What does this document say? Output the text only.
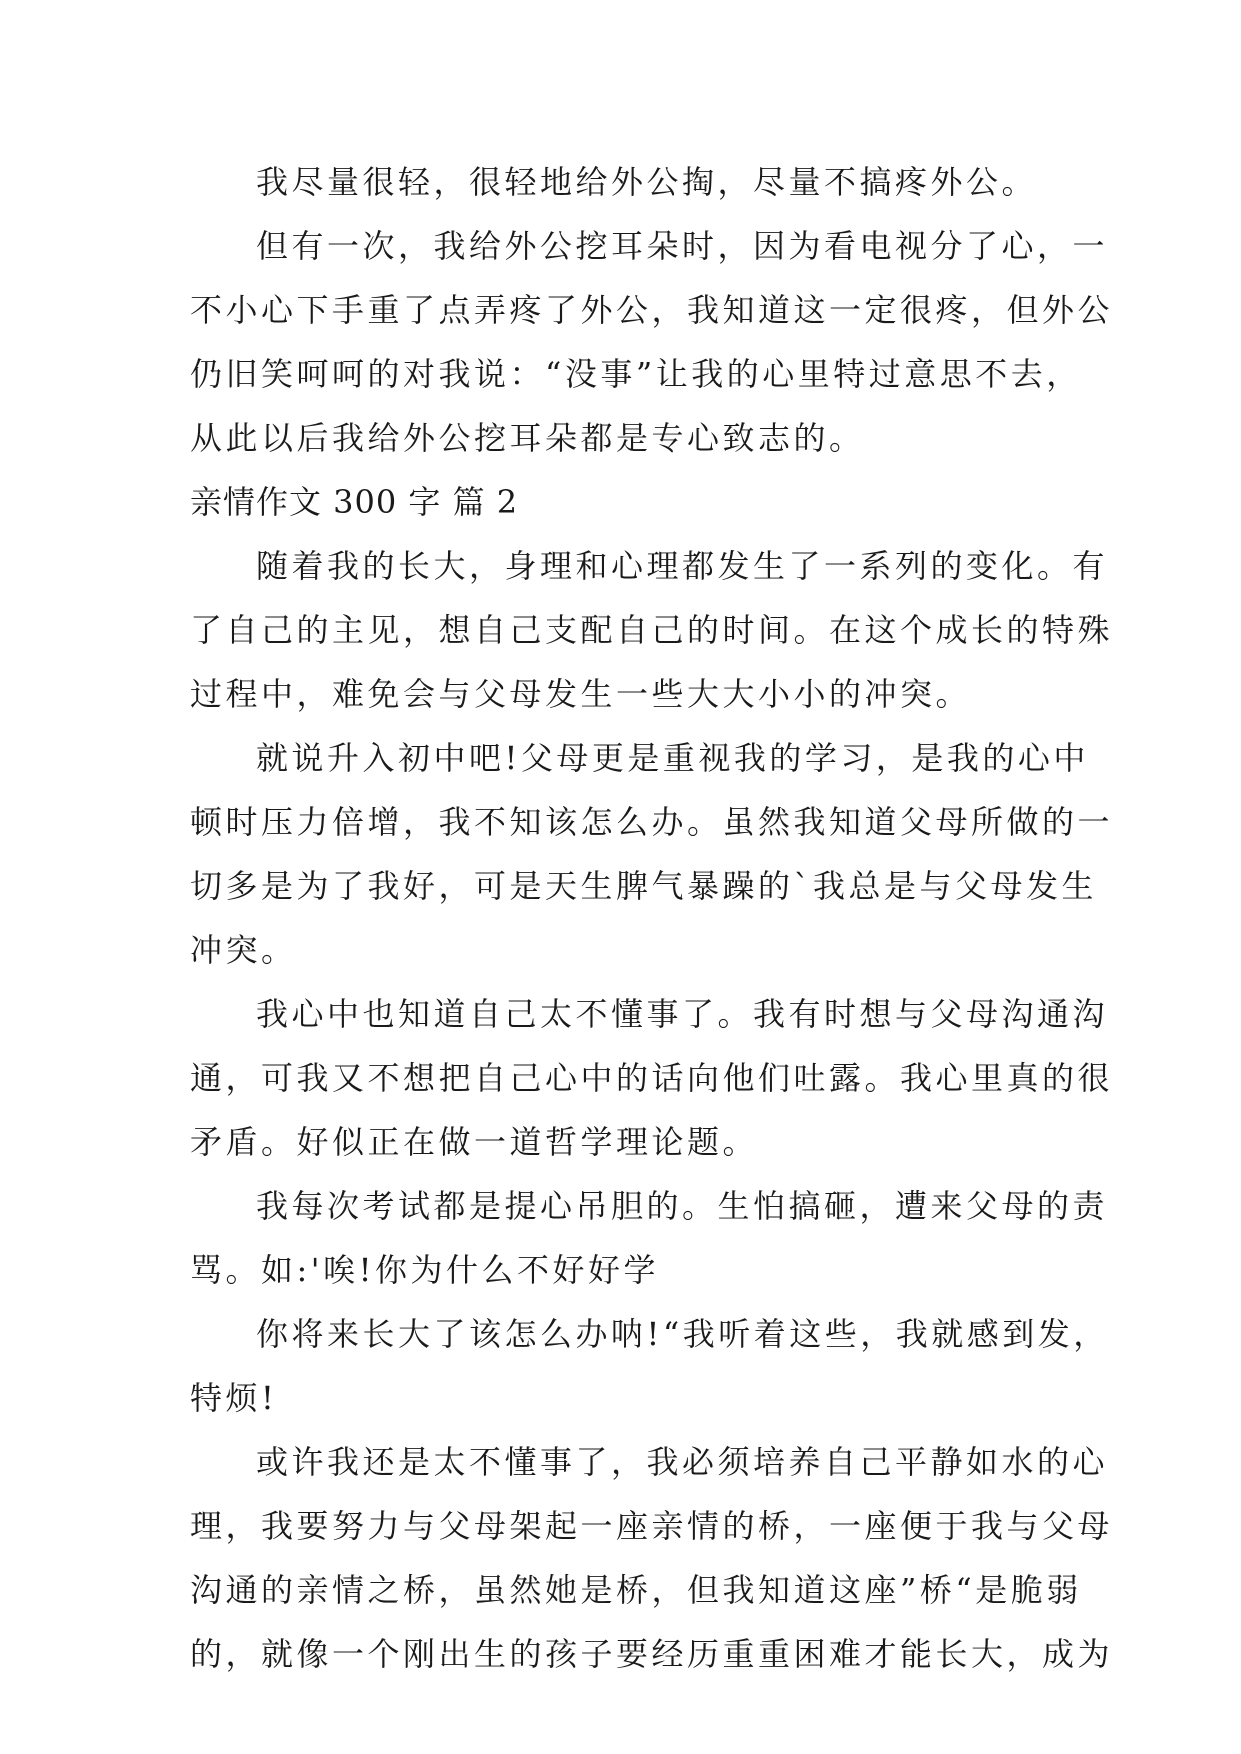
我尽量很轻，很轻地给外公掏，尽量不搞疼外公。
但有一次，我给外公挖耳朵时，因为看电视分了心，一
不小心下手重了点弄疼了外公，我知道这一定很疼，但外公
仍旧笑呵呵的对我说：“没事”让我的心里特过意思不去，
从此以后我给外公挖耳朵都是专心致志的。
亲情作文 300 字 篇 2
随着我的长大，身理和心理都发生了一系列的变化。有
了自己的主见，想自己支配自己的时间。在这个成长的特殊
过程中，难免会与父母发生一些大大小小的冲突。
就说升入初中吧!父母更是重视我的学习，是我的心中
顿时压力倍增，我不知该怎么办。虽然我知道父母所做的一
切多是为了我好，可是天生脾气暴躁的`我总是与父母发生
冲突。
我心中也知道自己太不懂事了。我有时想与父母沟通沟
通，可我又不想把自己心中的话向他们吐露。我心里真的很
矛盾。好似正在做一道哲学理论题。
我每次考试都是提心吊胆的。生怕搞砸，遭来父母的责
骂。如:'唉!你为什么不好好学
你将来长大了该怎么办呐!“我听着这些，我就感到发，
特烦!
或许我还是太不懂事了，我必须培养自己平静如水的心
理，我要努力与父母架起一座亲情的桥，一座便于我与父母
沟通的亲情之桥，虽然她是桥，但我知道这座”桥“是脆弱
的，就像一个刚出生的孩子要经历重重困难才能长大，成为
